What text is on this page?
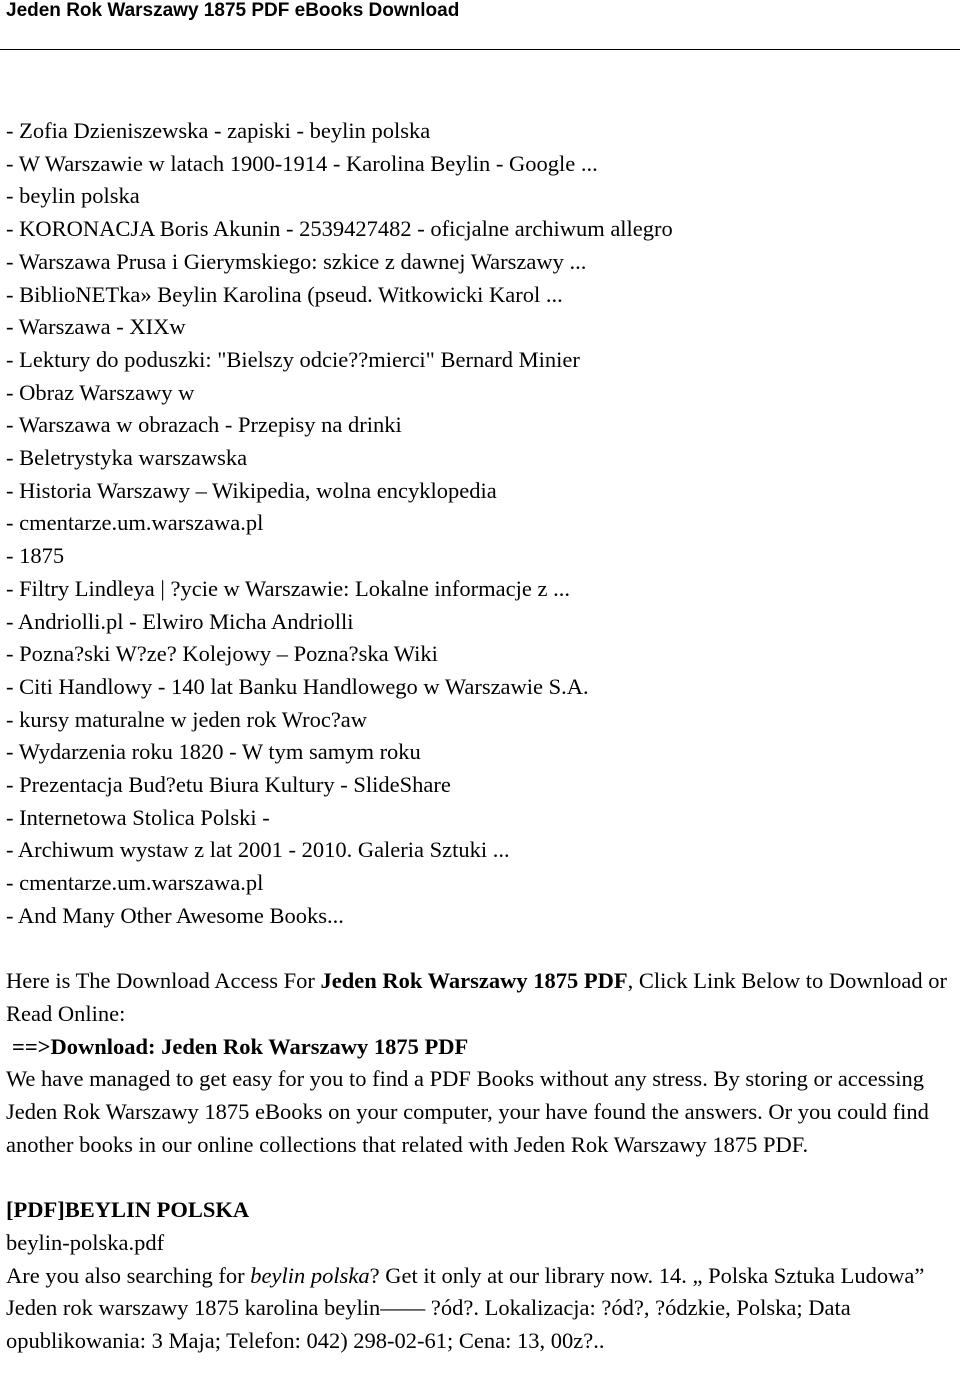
Jeden Rok Warszawy 1875 PDF eBooks Download
- Zofia Dzieniszewska - zapiski - beylin polska
- W Warszawie w latach 1900-1914 - Karolina Beylin - Google ...
- beylin polska
- KORONACJA Boris Akunin - 2539427482 - oficjalne archiwum allegro
- Warszawa Prusa i Gierymskiego: szkice z dawnej Warszawy ...
- BiblioNETka» Beylin Karolina (pseud. Witkowicki Karol ...
- Warszawa - XIXw
- Lektury do poduszki: "Bielszy odcie??mierci" Bernard Minier
- Obraz Warszawy w
- Warszawa w obrazach - Przepisy na drinki
- Beletrystyka warszawska
- Historia Warszawy – Wikipedia, wolna encyklopedia
- cmentarze.um.warszawa.pl
- 1875
- Filtry Lindleya | ?ycie w Warszawie: Lokalne informacje z ...
- Andriolli.pl - Elwiro Micha Andriolli
- Pozna?ski W?ze? Kolejowy – Pozna?ska Wiki
- Citi Handlowy - 140 lat Banku Handlowego w Warszawie S.A.
- kursy maturalne w jeden rok Wroc?aw
- Wydarzenia roku 1820 - W tym samym roku
- Prezentacja Bud?etu Biura Kultury - SlideShare
- Internetowa Stolica Polski -
- Archiwum wystaw z lat 2001 - 2010. Galeria Sztuki ...
- cmentarze.um.warszawa.pl
- And Many Other Awesome Books...
Here is The Download Access For Jeden Rok Warszawy 1875 PDF, Click Link Below to Download or Read Online:
==>Download: Jeden Rok Warszawy 1875 PDF
We have managed to get easy for you to find a PDF Books without any stress. By storing or accessing Jeden Rok Warszawy 1875 eBooks on your computer, your have found the answers. Or you could find another books in our online collections that related with Jeden Rok Warszawy 1875 PDF.
[PDF]BEYLIN POLSKA
beylin-polska.pdf
Are you also searching for beylin polska? Get it only at our library now. 14. „ Polska Sztuka Ludowa” Jeden rok warszawy 1875 karolina beylin—— ?ód?. Lokalizacja: ?ód?, ?ódzkie, Polska; Data opublikowania: 3 Maja; Telefon: 042) 298-02-61; Cena: 13, 00z?..
